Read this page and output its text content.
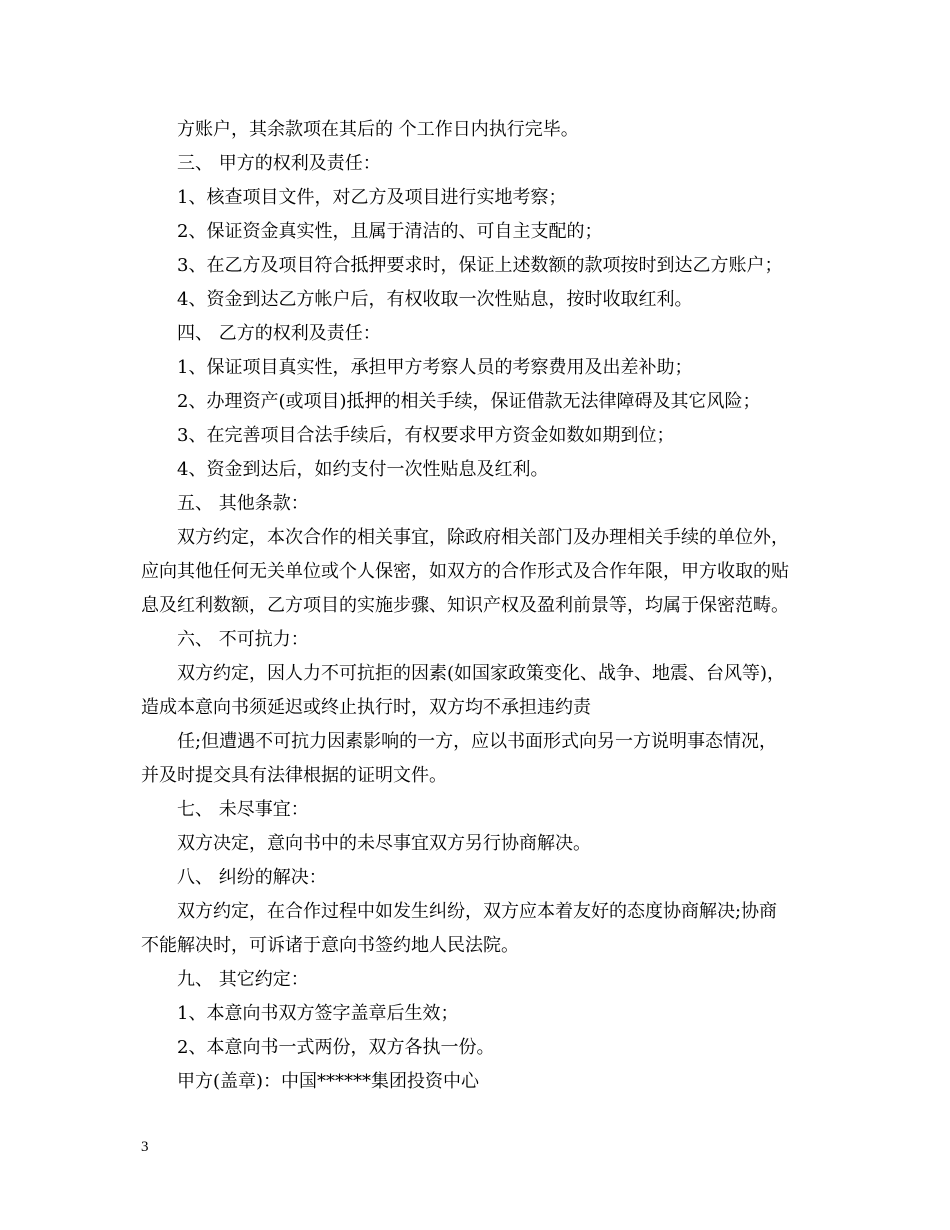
方账户，其余款项在其后的 个工作日内执行完毕。
三、 甲方的权利及责任：
1、核查项目文件，对乙方及项目进行实地考察；
2、保证资金真实性，且属于清洁的、可自主支配的；
3、在乙方及项目符合抵押要求时，保证上述数额的款项按时到达乙方账户；
4、资金到达乙方帐户后，有权收取一次性贴息，按时收取红利。
四、 乙方的权利及责任：
1、保证项目真实性，承担甲方考察人员的考察费用及出差补助；
2、办理资产(或项目)抵押的相关手续，保证借款无法律障碍及其它风险；
3、在完善项目合法手续后，有权要求甲方资金如数如期到位；
4、资金到达后，如约支付一次性贴息及红利。
五、 其他条款：
双方约定，本次合作的相关事宜，除政府相关部门及办理相关手续的单位外，
应向其他任何无关单位或个人保密，如双方的合作形式及合作年限，甲方收取的贴
息及红利数额，乙方项目的实施步骤、知识产权及盈利前景等，均属于保密范畴。
六、 不可抗力：
双方约定，因人力不可抗拒的因素(如国家政策变化、战争、地震、台风等)，
造成本意向书须延迟或终止执行时，双方均不承担违约责
任;但遭遇不可抗力因素影响的一方，应以书面形式向另一方说明事态情况，
并及时提交具有法律根据的证明文件。
七、 未尽事宜：
双方决定，意向书中的未尽事宜双方另行协商解决。
八、 纠纷的解决：
双方约定，在合作过程中如发生纠纷，双方应本着友好的态度协商解决;协商
不能解决时，可诉诸于意向书签约地人民法院。
九、 其它约定：
1、本意向书双方签字盖章后生效；
2、本意向书一式两份，双方各执一份。
甲方(盖章)：中国******集团投资中心
3
